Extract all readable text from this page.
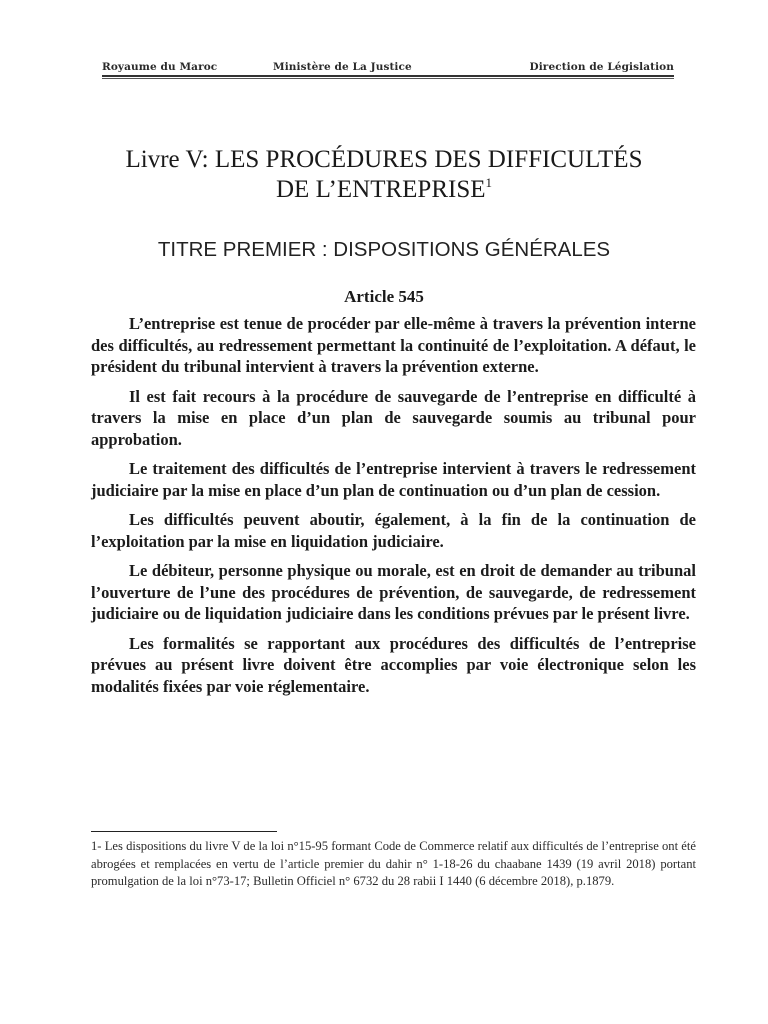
Royaume du Maroc	Ministère de La Justice	Direction de Législation
Livre V: LES PROCÉDURES DES DIFFICULTÉS
DE L’ENTREPRISE$^1$
TITRE PREMIER : DISPOSITIONS GÉNÉRALES
Article 545

L’entreprise est tenue de procéder par elle-même à travers la prévention interne des difficultés, au redressement permettant la continuité de l’exploitation. A défaut, le président du tribunal intervient à travers la prévention externe.

Il est fait recours à la procédure de sauvegarde de l’entreprise en difficulté à travers la mise en place d’un plan de sauvegarde soumis au tribunal pour approbation.

Le traitement des difficultés de l’entreprise intervient à travers le redressement judiciaire par la mise en place d’un plan de continuation ou d’un plan de cession.

Les difficultés peuvent aboutir, également, à la fin de la continuation de l’exploitation par la mise en liquidation judiciaire.

Le débiteur, personne physique ou morale, est en droit de demander au tribunal l’ouverture de l’une des procédures de prévention, de sauvegarde, de redressement judiciaire ou de liquidation judiciaire dans les conditions prévues par le présent livre.

Les formalités se rapportant aux procédures des difficultés de l’entreprise prévues au présent livre doivent être accomplies par voie électronique selon les modalités fixées par voie réglementaire.

1- Les dispositions du livre V de la loi n°15-95 formant Code de Commerce relatif aux difficultés de l’entreprise ont été abrogées et remplacées en vertu de l’article premier du dahir n° 1-18-26 du chaabane 1439 (19 avril 2018) portant promulgation de la loi n°73-17; Bulletin Officiel n° 6732 du 28 rabii I 1440 (6 décembre 2018), p.1879.
